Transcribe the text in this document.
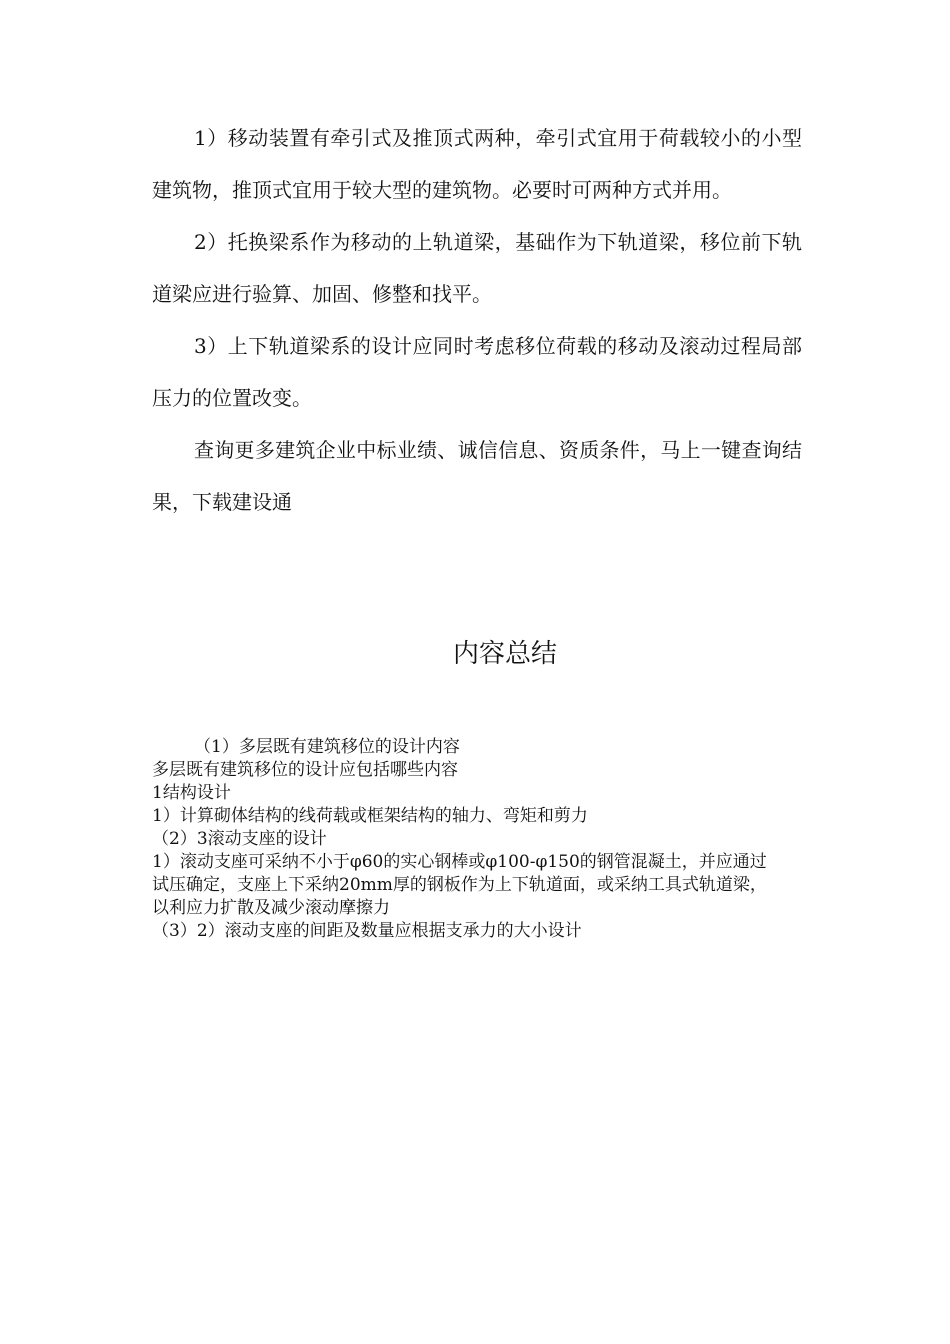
1）移动装置有牵引式及推顶式两种，牵引式宜用于荷载较小的小型建筑物，推顶式宜用于较大型的建筑物。必要时可两种方式并用。

2）托换梁系作为移动的上轨道梁，基础作为下轨道梁，移位前下轨道梁应进行验算、加固、修整和找平。

3）上下轨道梁系的设计应同时考虑移位荷载的移动及滚动过程局部压力的位置改变。

查询更多建筑企业中标业绩、诚信信息、资质条件，马上一键查询结果，下载建设通

内容总结
（1）多层既有建筑移位的设计内容
多层既有建筑移位的设计应包括哪些内容
1结构设计
1）计算砌体结构的线荷载或框架结构的轴力、弯矩和剪力
（2）3滚动支座的设计
1）滚动支座可采纳不小于φ60的实心钢棒或φ100-φ150的钢管混凝土，并应通过试压确定，支座上下采纳20mm厚的钢板作为上下轨道面，或采纳工具式轨道梁，以利应力扩散及减少滚动摩擦力
（3）2）滚动支座的间距及数量应根据支承力的大小设计
